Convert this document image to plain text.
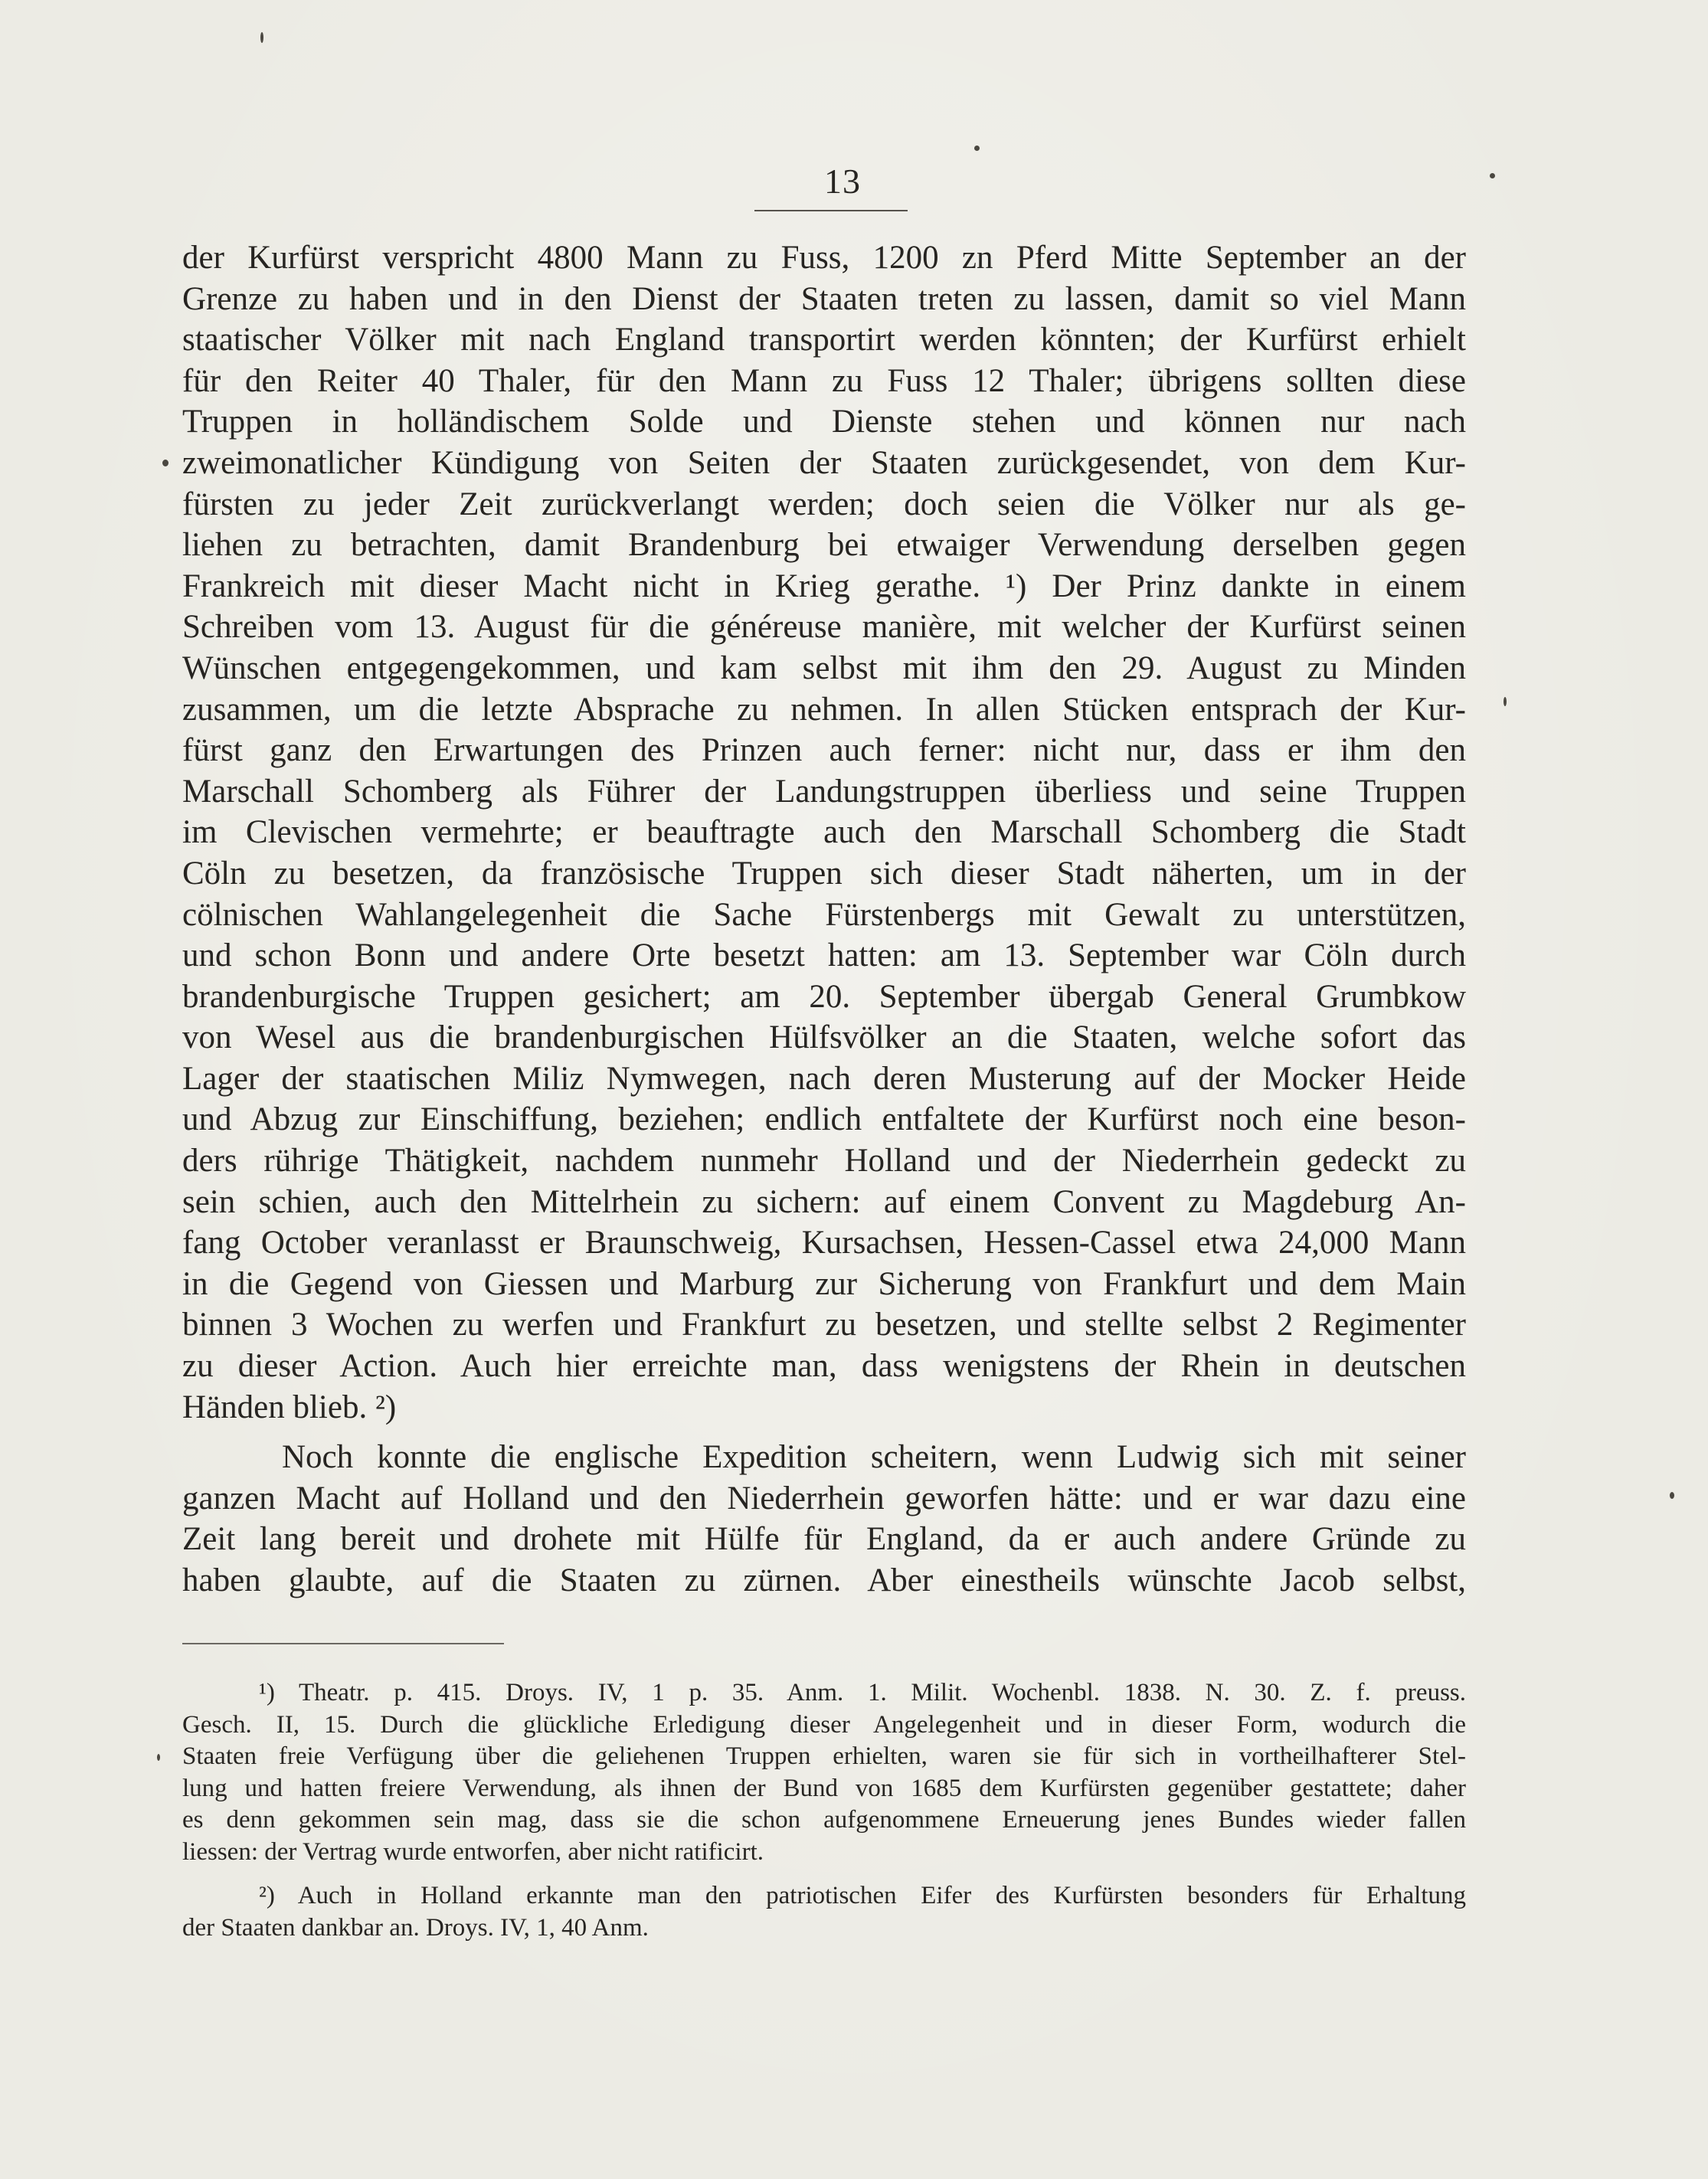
13
der Kurfürst verspricht 4800 Mann zu Fuss, 1200 zn Pferd Mitte September an der
Grenze zu haben und in den Dienst der Staaten treten zu lassen, damit so viel Mann
staatischer Völker mit nach England transportirt werden könnten; der Kurfürst erhielt
für den Reiter 40 Thaler, für den Mann zu Fuss 12 Thaler; übrigens sollten diese
Truppen in holländischem Solde und Dienste stehen und können nur nach
zweimonatlicher Kündigung von Seiten der Staaten zurückgesendet, von dem Kur-
fürsten zu jeder Zeit zurückverlangt werden; doch seien die Völker nur als ge-
liehen zu betrachten, damit Brandenburg bei etwaiger Verwendung derselben gegen
Frankreich mit dieser Macht nicht in Krieg gerathe. ¹) Der Prinz dankte in einem
Schreiben vom 13. August für die généreuse manière, mit welcher der Kurfürst seinen
Wünschen entgegengekommen, und kam selbst mit ihm den 29. August zu Minden
zusammen, um die letzte Absprache zu nehmen. In allen Stücken entsprach der Kur-
fürst ganz den Erwartungen des Prinzen auch ferner: nicht nur, dass er ihm den
Marschall Schomberg als Führer der Landungstruppen überliess und seine Truppen
im Clevischen vermehrte; er beauftragte auch den Marschall Schomberg die Stadt
Cöln zu besetzen, da französische Truppen sich dieser Stadt näherten, um in der
cölnischen Wahlangelegenheit die Sache Fürstenbergs mit Gewalt zu unterstützen,
und schon Bonn und andere Orte besetzt hatten: am 13. September war Cöln durch
brandenburgische Truppen gesichert; am 20. September übergab General Grumbkow
von Wesel aus die brandenburgischen Hülfsvölker an die Staaten, welche sofort das
Lager der staatischen Miliz Nymwegen, nach deren Musterung auf der Mocker Heide
und Abzug zur Einschiffung, beziehen; endlich entfaltete der Kurfürst noch eine beson-
ders rührige Thätigkeit, nachdem nunmehr Holland und der Niederrhein gedeckt zu
sein schien, auch den Mittelrhein zu sichern: auf einem Convent zu Magdeburg An-
fang October veranlasst er Braunschweig, Kursachsen, Hessen-Cassel etwa 24,000 Mann
in die Gegend von Giessen und Marburg zur Sicherung von Frankfurt und dem Main
binnen 3 Wochen zu werfen und Frankfurt zu besetzen, und stellte selbst 2 Regimenter
zu dieser Action. Auch hier erreichte man, dass wenigstens der Rhein in deutschen
Händen blieb. ²)
Noch konnte die englische Expedition scheitern, wenn Ludwig sich mit seiner
ganzen Macht auf Holland und den Niederrhein geworfen hätte: und er war dazu eine
Zeit lang bereit und drohete mit Hülfe für England, da er auch andere Gründe zu
haben glaubte, auf die Staaten zu zürnen. Aber einestheils wünschte Jacob selbst,
¹) Theatr. p. 415. Droys. IV, 1 p. 35. Anm. 1. Milit. Wochenbl. 1838. N. 30. Z. f. preuss.
Gesch. II, 15. Durch die glückliche Erledigung dieser Angelegenheit und in dieser Form, wodurch die
Staaten freie Verfügung über die geliehenen Truppen erhielten, waren sie für sich in vortheilhafterer Stel-
lung und hatten freiere Verwendung, als ihnen der Bund von 1685 dem Kurfürsten gegenüber gestattete; daher
es denn gekommen sein mag, dass sie die schon aufgenommene Erneuerung jenes Bundes wieder fallen
liessen: der Vertrag wurde entworfen, aber nicht ratificirt.
²) Auch in Holland erkannte man den patriotischen Eifer des Kurfürsten besonders für Erhaltung
der Staaten dankbar an. Droys. IV, 1, 40 Anm.
